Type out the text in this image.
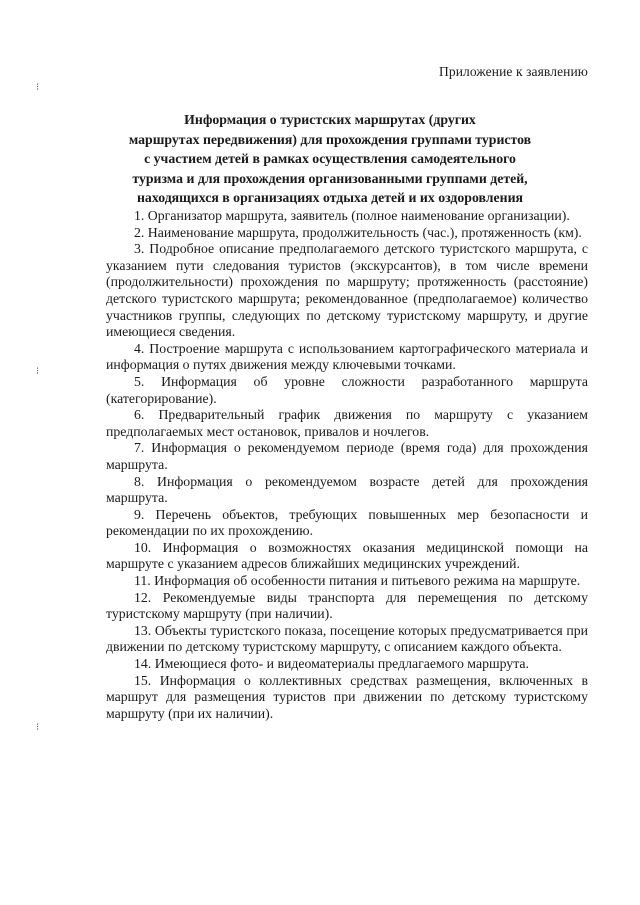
Приложение к заявлению
Информация о туристских маршрутах (других
маршрутах передвижения) для прохождения группами туристов
с участием детей в рамках осуществления самодеятельного
туризма и для прохождения организованными группами детей,
находящихся в организациях отдыха детей и их оздоровления

1. Организатор маршрута, заявитель (полное наименование организации).

2. Наименование маршрута, продолжительность (час.), протяженность (км).

3. Подробное описание предполагаемого детского туристского маршрута, с указанием пути следования туристов (экскурсантов), в том числе времени (продолжительности) прохождения по маршруту; протяженность (расстояние) детского туристского маршрута; рекомендованное (предполагаемое) количество участников группы, следующих по детскому туристскому маршруту, и другие имеющиеся сведения.

4. Построение маршрута с использованием картографического материала и информация о путях движения между ключевыми точками.

5. Информация об уровне сложности разработанного маршрута (категорирование).

6. Предварительный график движения по маршруту с указанием предполагаемых мест остановок, привалов и ночлегов.

7. Информация о рекомендуемом периоде (время года) для прохождения маршрута.

8. Информация о рекомендуемом возрасте детей для прохождения маршрута.

9. Перечень объектов, требующих повышенных мер безопасности и рекомендации по их прохождению.

10. Информация о возможностях оказания медицинской помощи на маршруте с указанием адресов ближайших медицинских учреждений.

11. Информация об особенности питания и питьевого режима на маршруте.

12. Рекомендуемые виды транспорта для перемещения по детскому туристскому маршруту (при наличии).

13. Объекты туристского показа, посещение которых предусматривается при движении по детскому туристскому маршруту, с описанием каждого объекта.

14. Имеющиеся фото- и видеоматериалы предлагаемого маршрута.

15. Информация о коллективных средствах размещения, включенных в маршрут для размещения туристов при движении по детскому туристскому маршруту (при их наличии).

⁝
⁝
⁝
